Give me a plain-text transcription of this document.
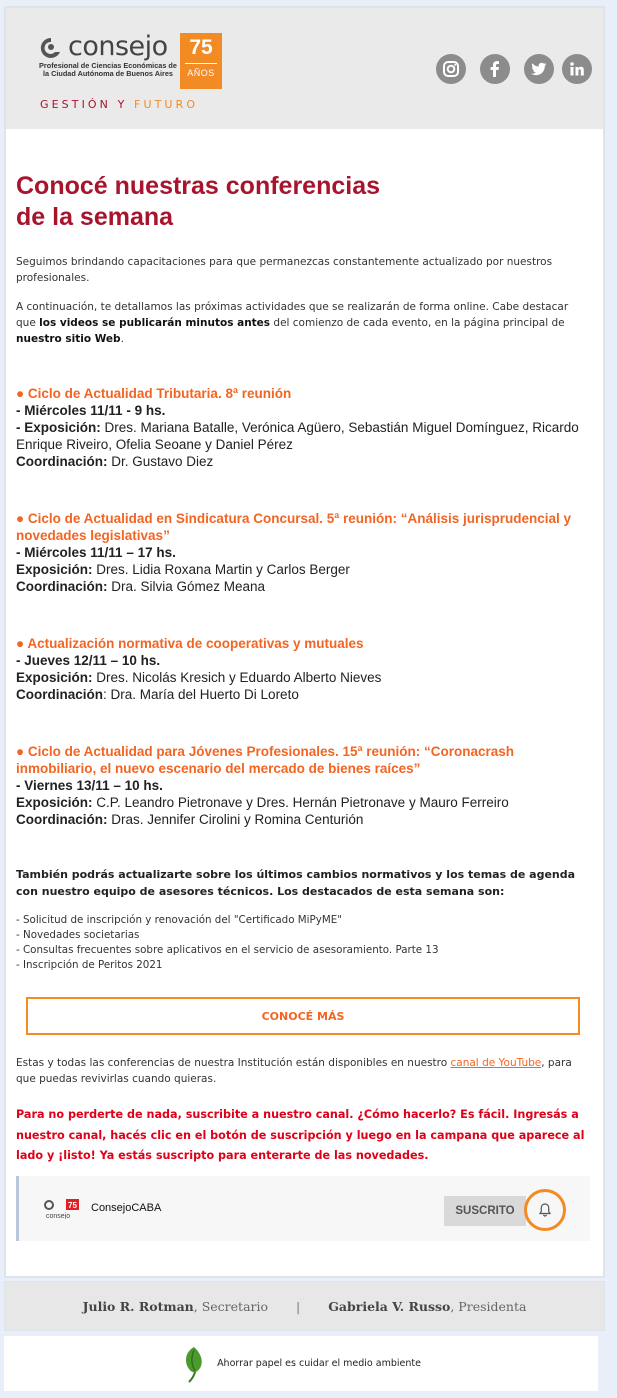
consejo
Profesional de Ciencias Económicas de la Ciudad Autónoma de Buenos Aires
75
AÑOS
GESTIÓN Y FUTURO
Conocé nuestras conferencias
de la semana

Seguimos brindando capacitaciones para que permanezcas constantemente actualizado por nuestros profesionales.

A continuación, te detallamos las próximas actividades que se realizarán de forma online. Cabe destacar que los videos se publicarán minutos antes del comienzo de cada evento, en la página principal de nuestro sitio Web.

● Ciclo de Actualidad Tributaria. 8ª reunión
- Miércoles 11/11 - 9 hs.
- Exposición: Dres. Mariana Batalle, Verónica Agüero, Sebastián Miguel Domínguez, Ricardo Enrique Riveiro, Ofelia Seoane y Daniel Pérez
Coordinación: Dr. Gustavo Diez
● Ciclo de Actualidad en Sindicatura Concursal. 5ª reunión: “Análisis jurisprudencial y novedades legislativas”
- Miércoles 11/11 – 17 hs.
Exposición: Dres. Lidia Roxana Martin y Carlos Berger
Coordinación: Dra. Silvia Gómez Meana
● Actualización normativa de cooperativas y mutuales
- Jueves 12/11 – 10 hs.
Exposición: Dres. Nicolás Kresich y Eduardo Alberto Nieves
Coordinación: Dra. María del Huerto Di Loreto
● Ciclo de Actualidad para Jóvenes Profesionales. 15ª reunión: “Coronacrash inmobiliario, el nuevo escenario del mercado de bienes raíces”
- Viernes 13/11 – 10 hs.
Exposición: C.P. Leandro Pietronave y Dres. Hernán Pietronave y Mauro Ferreiro
Coordinación: Dras. Jennifer Cirolini y Romina Centurión

También podrás actualizarte sobre los últimos cambios normativos y los temas de agenda con nuestro equipo de asesores técnicos. Los destacados de esta semana son:

- Solicitud de inscripción y renovación del "Certificado MiPyME"
- Novedades societarias
- Consultas frecuentes sobre aplicativos en el servicio de asesoramiento. Parte 13
- Inscripción de Peritos 2021
CONOCÉ MÁS

Estas y todas las conferencias de nuestra Institución están disponibles en nuestro canal de YouTube, para que puedas revivirlas cuando quieras.

Para no perderte de nada, suscribite a nuestro canal. ¿Cómo hacerlo? Es fácil. Ingresás a nuestro canal, hacés clic en el botón de suscripción y luego en la campana que aparece al lado y ¡listo! Ya estás suscripto para enterarte de las novedades.

75
consejo
ConsejoCABA	SUSCRITO
Julio R. Rotman, Secretario | Gabriela V. Russo, Presidenta
Ahorrar papel es cuidar el medio ambiente
